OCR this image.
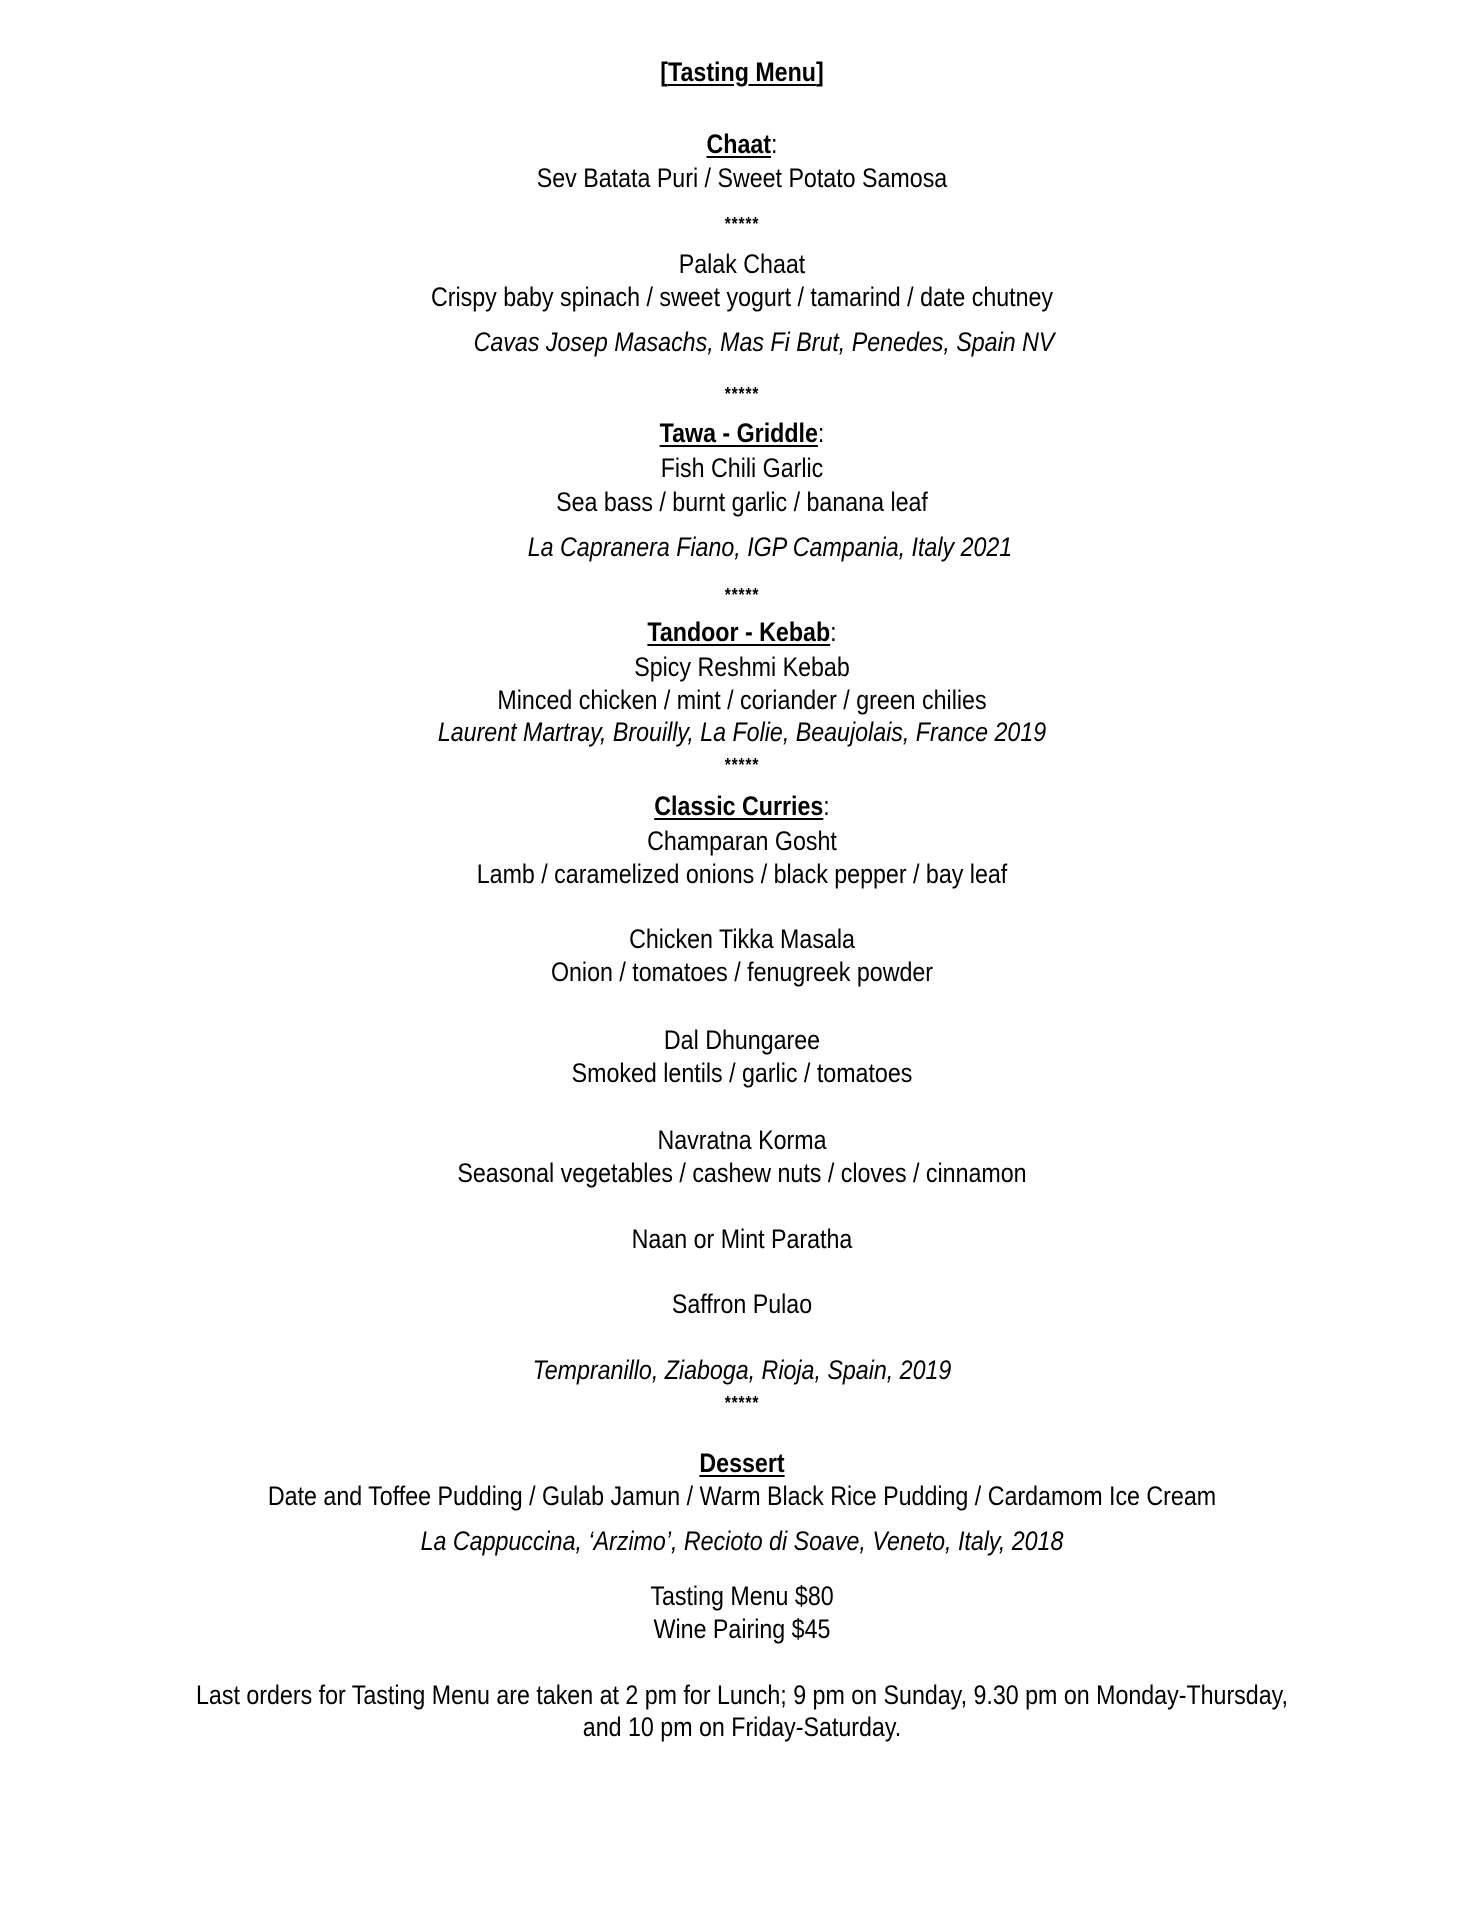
[Tasting Menu]
Chaat:
Sev Batata Puri / Sweet Potato Samosa
*****
Palak Chaat
Crispy baby spinach / sweet yogurt / tamarind / date chutney
Cavas Josep Masachs, Mas Fi Brut, Penedes, Spain NV
*****
Tawa - Griddle:
Fish Chili Garlic
Sea bass / burnt garlic / banana leaf
La Capranera Fiano, IGP Campania, Italy 2021
*****
Tandoor - Kebab:
Spicy Reshmi Kebab
Minced chicken / mint / coriander / green chilies
Laurent Martray, Brouilly, La Folie, Beaujolais, France 2019
*****
Classic Curries:
Champaran Gosht
Lamb / caramelized onions / black pepper / bay leaf
Chicken Tikka Masala
Onion / tomatoes / fenugreek powder
Dal Dhungaree
Smoked lentils / garlic / tomatoes
Navratna Korma
Seasonal vegetables / cashew nuts / cloves / cinnamon
Naan or Mint Paratha
Saffron Pulao
Tempranillo, Ziaboga, Rioja, Spain, 2019
*****
Dessert
Date and Toffee Pudding / Gulab Jamun / Warm Black Rice Pudding / Cardamom Ice Cream
La Cappuccina, ‘Arzimo’, Recioto di Soave, Veneto, Italy, 2018
Tasting Menu $80
Wine Pairing $45
Last orders for Tasting Menu are taken at 2 pm for Lunch; 9 pm on Sunday, 9.30 pm on Monday-Thursday,
and 10 pm on Friday-Saturday.
